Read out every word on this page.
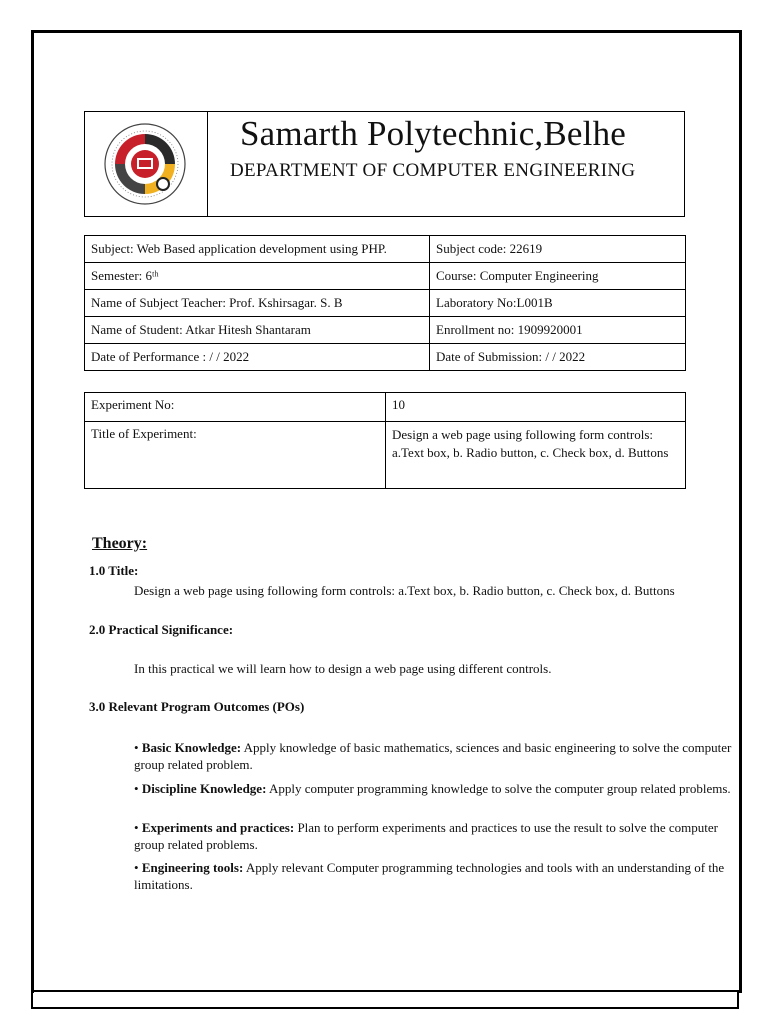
Samarth Polytechnic,Belhe
DEPARTMENT OF COMPUTER ENGINEERING
Subject: Web Based application development using PHP.	Subject code: 22619
Semester: 6ᵗʰ	Course: Computer Engineering
Name of Subject Teacher: Prof. Kshirsagar. S. B	Laboratory No:L001B
Name of Student: Atkar Hitesh Shantaram	Enrollment no: 1909920001
Date of Performance : / / 2022	Date of Submission: / / 2022
Experiment No:	10
Title of Experiment:	Design a web page using following form controls: a.Text box, b. Radio button, c. Check box, d. Buttons
Theory:
1.0 Title:
Design a web page using following form controls: a.Text box, b. Radio button, c. Check box, d. Buttons
2.0 Practical Significance:
In this practical we will learn how to design a web page using different controls.
3.0 Relevant Program Outcomes (POs)
• Basic Knowledge: Apply knowledge of basic mathematics, sciences and basic engineering to solve the computer group related problem.
• Discipline Knowledge: Apply computer programming knowledge to solve the computer group related problems.
• Experiments and practices: Plan to perform experiments and practices to use the result to solve the computer group related problems.
• Engineering tools: Apply relevant Computer programming technologies and tools with an understanding of the limitations.
